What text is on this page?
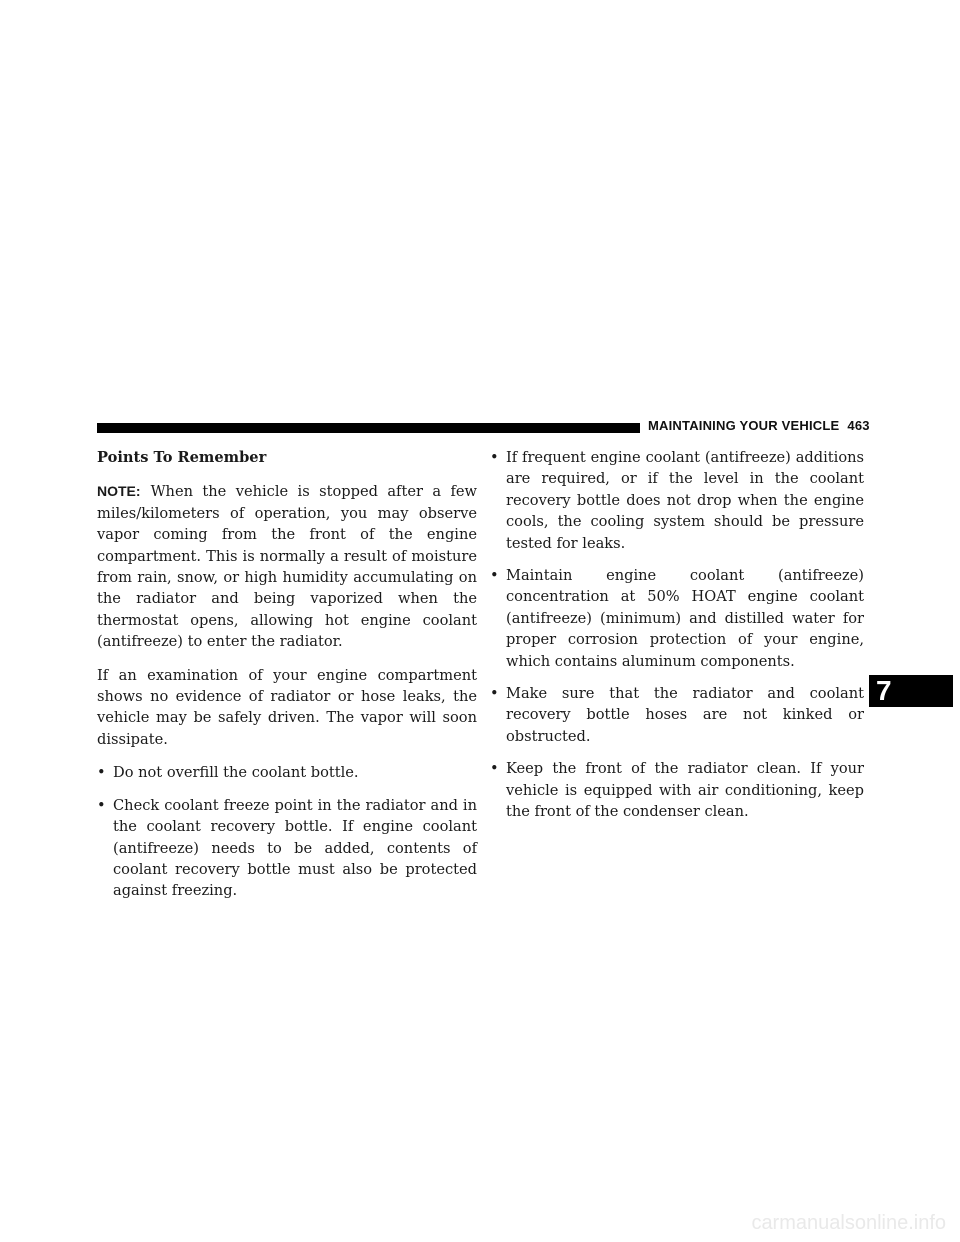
MAINTAINING YOUR VEHICLE 463
Points To Remember

NOTE: When the vehicle is stopped after a few miles/kilometers of operation, you may observe vapor coming from the front of the engine compartment. This is normally a result of moisture from rain, snow, or high humidity accumulating on the radiator and being vaporized when the thermostat opens, allowing hot engine coolant (antifreeze) to enter the radiator.

If an examination of your engine compartment shows no evidence of radiator or hose leaks, the vehicle may be safely driven. The vapor will soon dissipate.

• Do not overfill the coolant bottle.
• Check coolant freeze point in the radiator and in the coolant recovery bottle. If engine coolant (antifreeze) needs to be added, contents of coolant recovery bottle must also be protected against freezing.
• If frequent engine coolant (antifreeze) additions are required, or if the level in the coolant recovery bottle does not drop when the engine cools, the cooling system should be pressure tested for leaks.
• Maintain engine coolant (antifreeze) concentration at 50% HOAT engine coolant (antifreeze) (minimum) and distilled water for proper corrosion protection of your engine, which contains aluminum components.
• Make sure that the radiator and coolant recovery bottle hoses are not kinked or obstructed.
• Keep the front of the radiator clean. If your vehicle is equipped with air conditioning, keep the front of the condenser clean.
7
carmanualsonline.info
